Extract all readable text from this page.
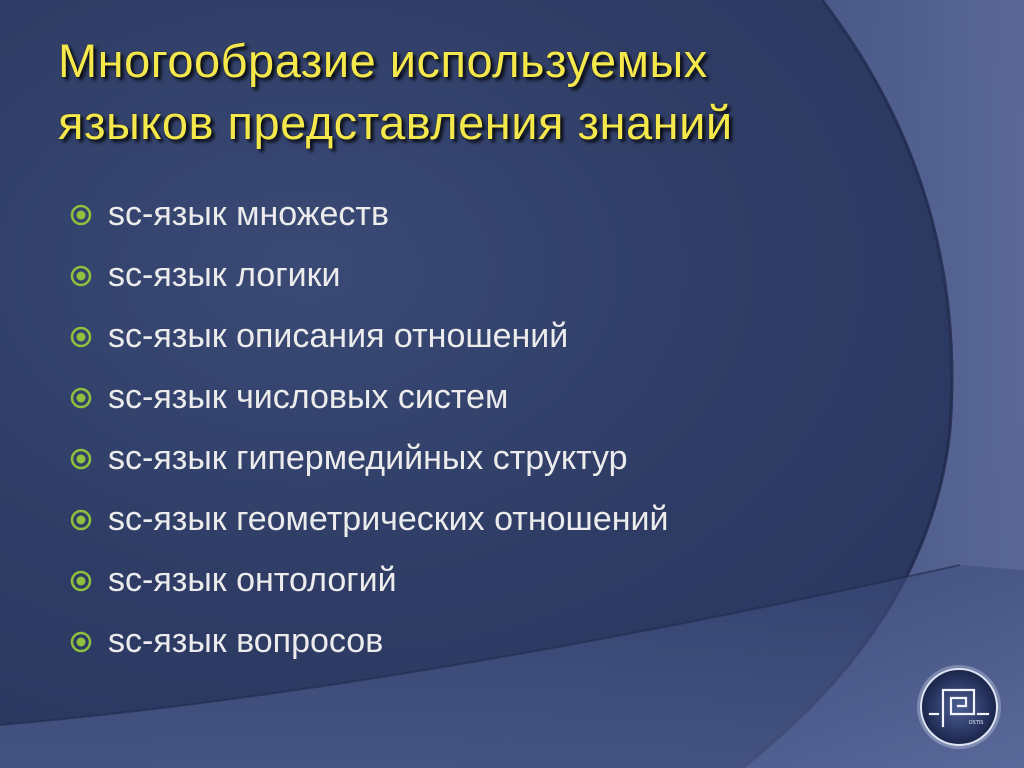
Многообразие используемых
языков представления знаний
sc-язык множеств
sc-язык логики
sc-язык описания отношений
sc-язык числовых систем
sc-язык гипермедийных структур
sc-язык геометрических отношений
sc-язык онтологий
sc-язык вопросов
OSTIS
